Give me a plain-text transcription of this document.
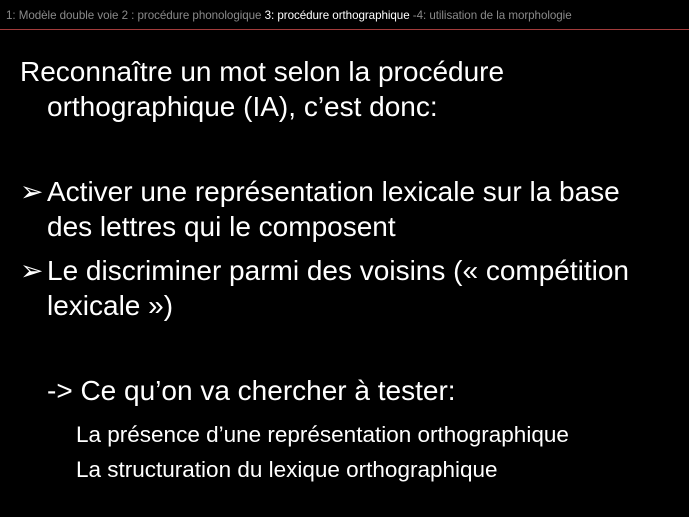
1: Modèle double voie 2 : procédure phonologique 3: procédure orthographique -4: utilisation de la morphologie
Reconnaître un mot selon la procédure
orthographique (IA), c’est donc:
➢ Activer une représentation lexicale sur la base
des lettres qui le composent
➢ Le discriminer parmi des voisins (« compétition
lexicale »)
-> Ce qu’on va chercher à tester:
La présence d’une représentation orthographique
La structuration du lexique orthographique
